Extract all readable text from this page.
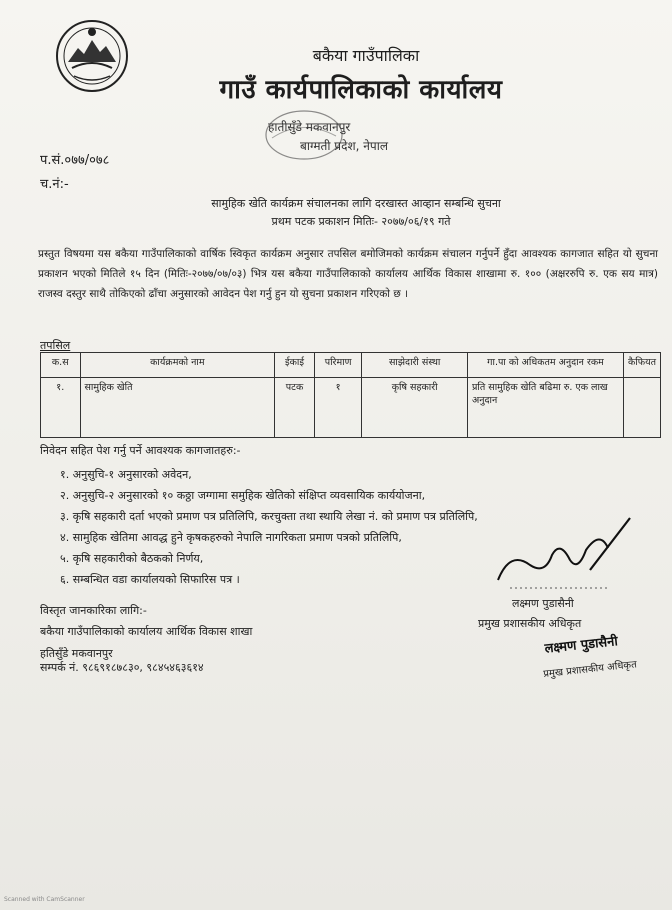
बकैया गाउँपालिका
गाउँ कार्यपालिकाको कार्यालय
हातीसुँडे मकवानपुर
बाग्मती प्रदेश, नेपाल
प.सं.०७७/०७८
च.नं:-
सामुहिक खेति कार्यक्रम संचालनका लागि दरखास्त आव्हान सम्बन्धि सुचना
प्रथम पटक प्रकाशन मितिः- २०७७/०६/१९ गते
प्रस्तुत विषयमा यस बकैया गाउँपालिकाको वार्षिक स्विकृत कार्यक्रम अनुसार तपसिल बमोजिमको कार्यक्रम संचालन गर्नुपर्ने हुँदा आवश्यक कागजात सहित यो सुचना प्रकाशन भएको मितिले १५ दिन (मितिः-२०७७/०७/०३) भित्र यस बकैया गाउँपालिकाको कार्यालय आर्थिक विकास शाखामा रु. १०० (अक्षररुपि रु. एक सय मात्र) राजस्व दस्तुर साथै तोकिएको ढाँचा अनुसारको आवेदन पेश गर्नु हुन यो सुचना प्रकाशन गरिएको छ ।
तपसिल
क.स	कार्यक्रमको नाम	ईकाई	परिमाण	साझेदारी संस्था	गा.पा को अधिकतम अनुदान रकम	कैफियत
१.	सामुहिक खेति	पटक	१	कृषि सहकारी	प्रति सामुहिक खेति बढिमा रु. एक लाख अनुदान	
निवेदन सहित पेश गर्नु पर्ने आवश्यक कागजातहरु:-
१. अनुसुचि-१ अनुसारको अवेदन,
२. अनुसुचि-२ अनुसारको १० कठ्ठा जग्गामा समुहिक खेतिको संक्षिप्त व्यवसायिक कार्ययोजना,
३. कृषि सहकारी दर्ता भएको प्रमाण पत्र प्रतिलिपि, करचुक्ता तथा स्थायि लेखा नं. को प्रमाण पत्र प्रतिलिपि,
४. सामुहिक खेतिमा आवद्ध हुने कृषकहरुको नेपालि नागरिकता प्रमाण पत्रको प्रतिलिपि,
५. कृषि सहकारीको बैठकको निर्णय,
६. सम्बन्धित वडा कार्यालयको सिफारिस पत्र ।
लक्ष्मण पुडासैनी
प्रमुख प्रशासकीय अधिकृत
लक्ष्मण पुडासैनी
प्रमुख प्रशासकीय अधिकृत
विस्तृत जानकारिका लागि:-
बकैया गाउँपालिकाको कार्यालय आर्थिक विकास शाखा
हतिसुँडे मकवानपुर
सम्पर्क नं. ९८६९१८७८३०, ९८४५४६३६१४
Scanned with CamScanner
